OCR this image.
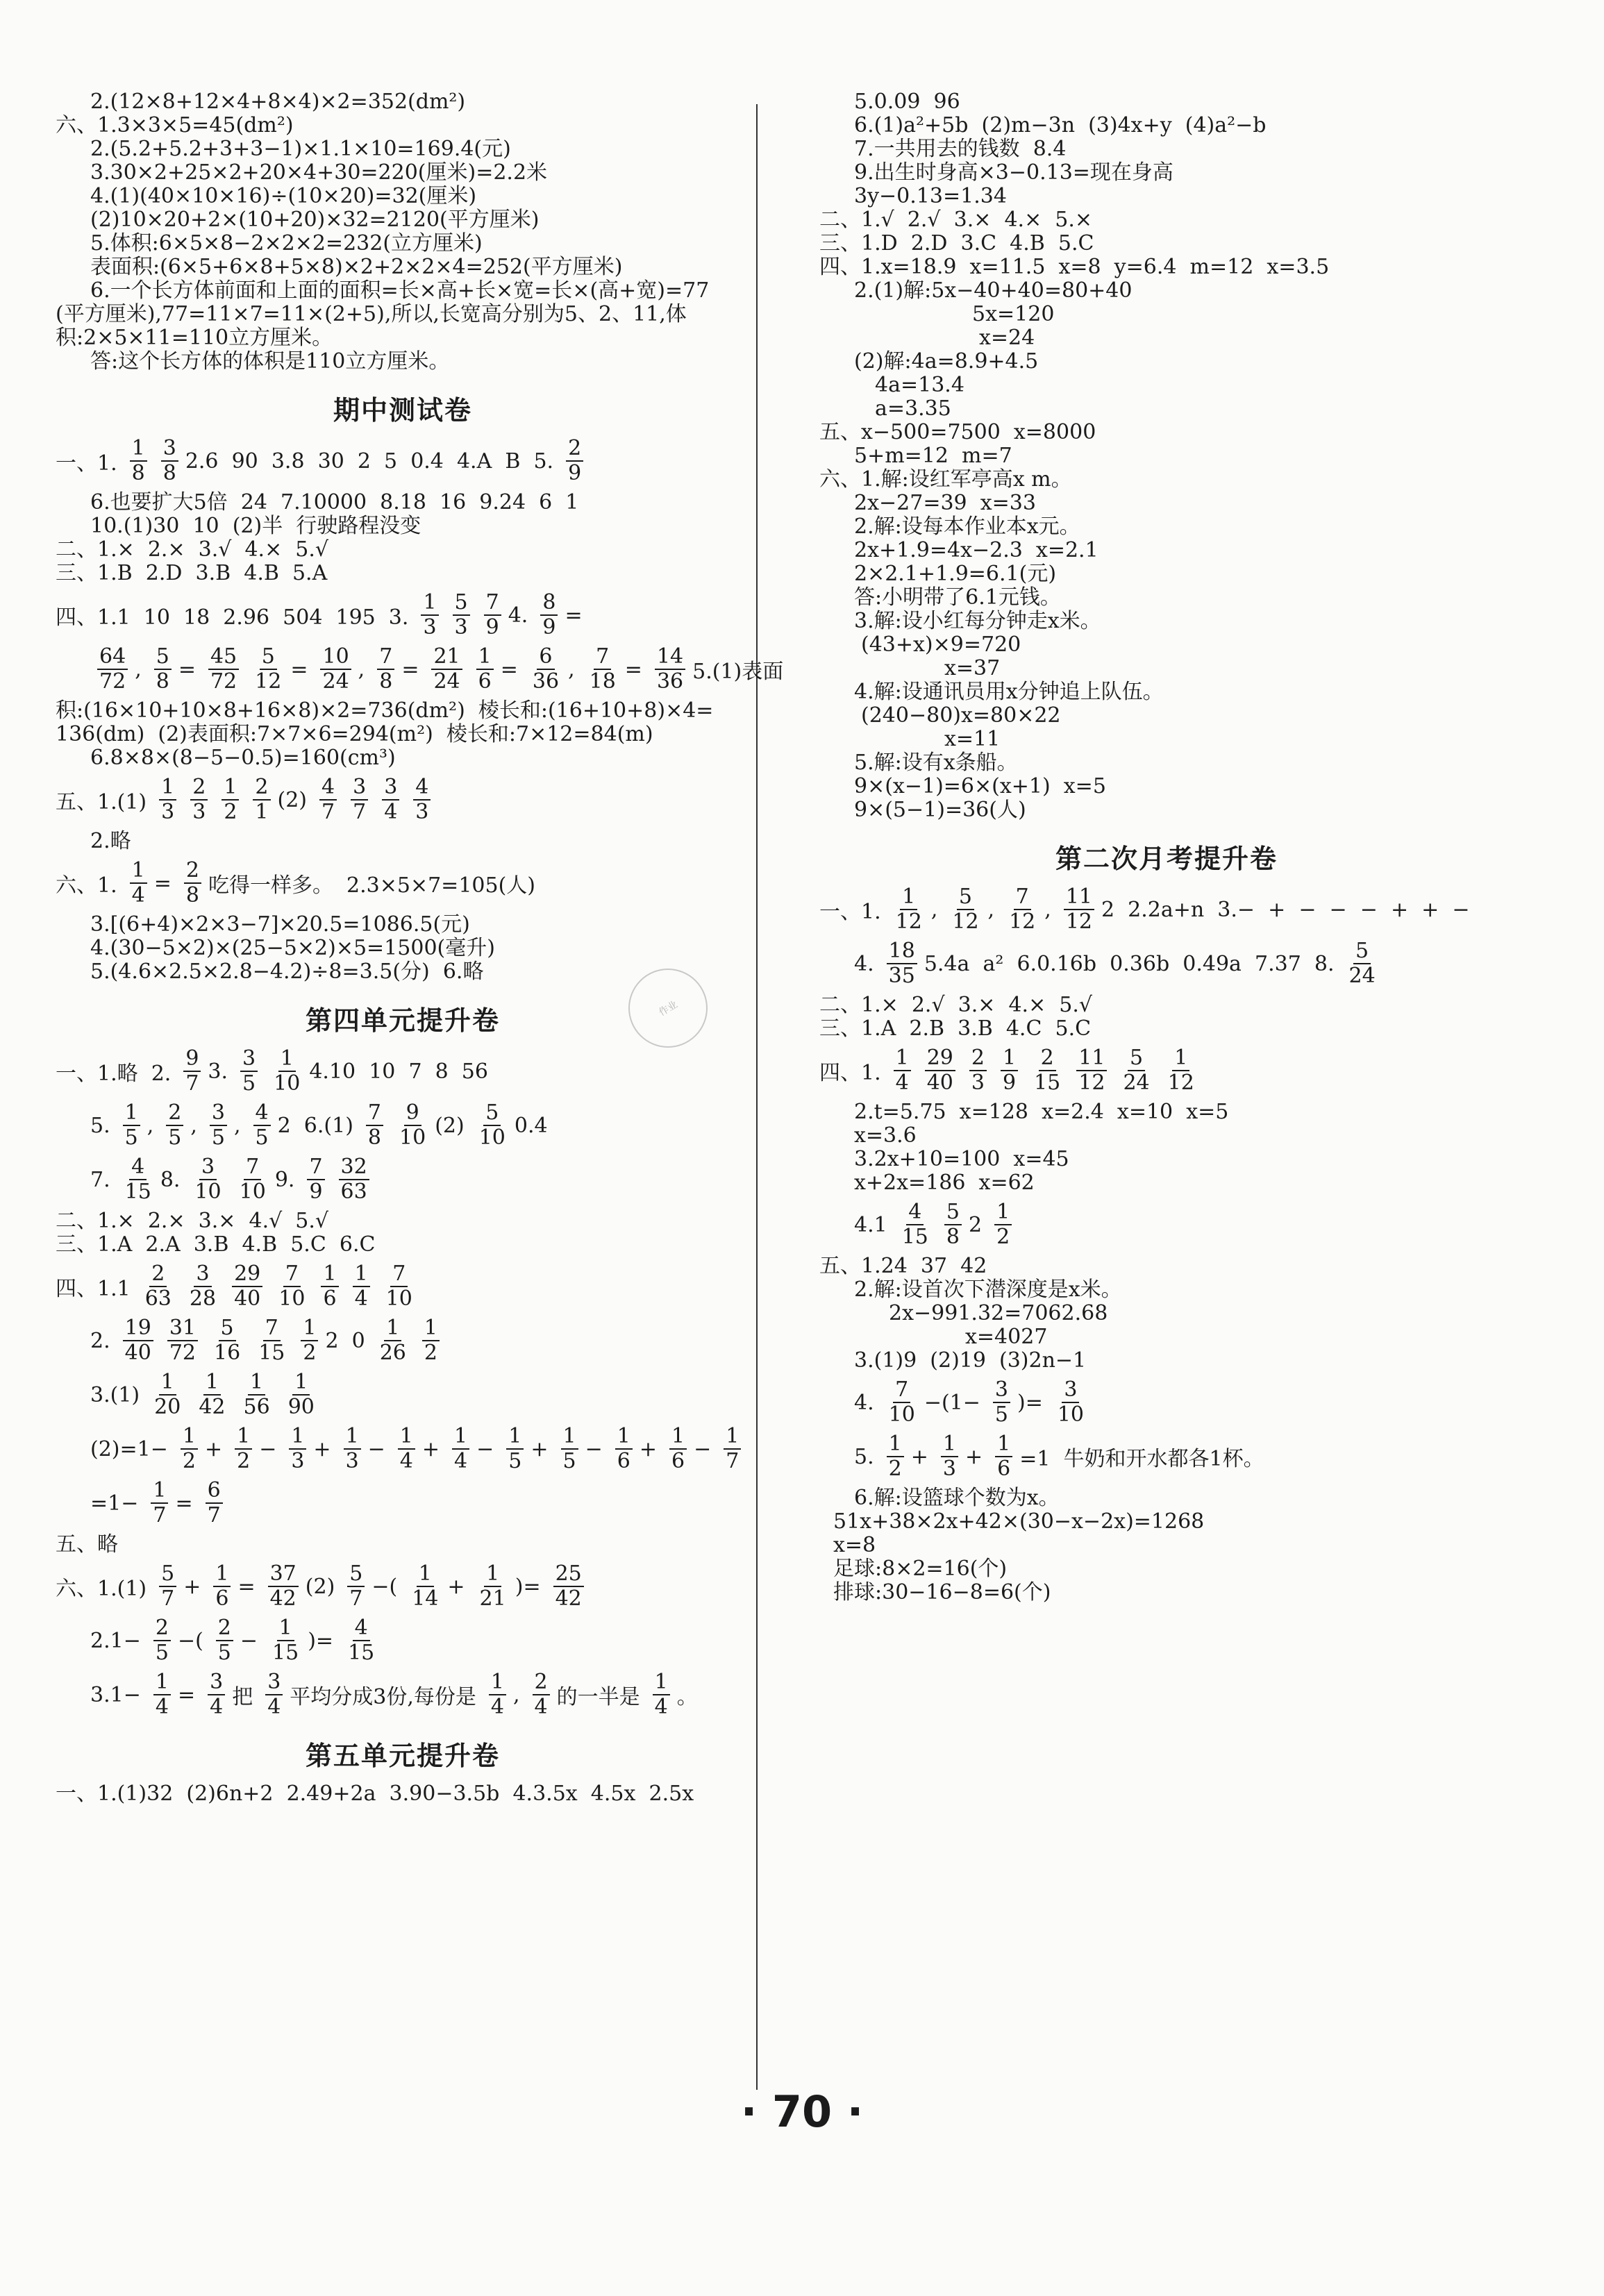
2.(12×8+12×4+8×4)×2=352(dm²)

六、1.3×3×5=45(dm²)

2.(5.2+5.2+3+3−1)×1.1×10=169.4(元)

3.30×2+25×2+20×4+30=220(厘米)=2.2米

4.(1)(40×10×16)÷(10×20)=32(厘米)

(2)10×20+2×(10+20)×32=2120(平方厘米)

5.体积:6×5×8−2×2×2=232(立方厘米)

表面积:(6×5+6×8+5×8)×2+2×2×4=252(平方厘米)

6.一个长方体前面和上面的面积=长×高+长×宽=长×(高+宽)=77

(平方厘米),77=11×7=11×(2+5),所以,长宽高分别为5、2、11,体

积:2×5×11=110立方厘米。

答:这个长方体的体积是110立方厘米。

期中测试卷
一、1. $\frac{1}{8} \frac{3}{8} 2.6$  90  3.8  30  2  5  0.4  4.A  B  5. $\frac{2}{9}$

6.也要扩大5倍  24  7.10000  8.18  16  9.24  6  1

10.(1)30  10  (2)半  行驶路程没变

二、1.×  2.×  3.√  4.×  5.√

三、1.B  2.D  3.B  4.B  5.A

四、1.1  10  18  2.96  504  195  3. $\frac{1}{3} \frac{5}{3} \frac{7}{9} 4$. $\frac{8}{9}$ =
$\frac{64}{72}$ , $\frac{5}{8} = \frac{45}{72} \frac{5}{12} = \frac{10}{24}$ , $\frac{7}{8} = \frac{21}{24} \frac{1}{6} = \frac{6}{36}$ , $\frac{7}{18} = \frac{14}{36} 5.(1)$表面

积:(16×10+10×8+16×8)×2=736(dm²)  棱长和:(16+10+8)×4=

136(dm)  (2)表面积:7×7×6=294(m²)  棱长和:7×12=84(m)

6.8×8×(8−5−0.5)=160(cm³)

五、$1.(1) \frac{1}{3} \frac{2}{3} \frac{1}{2} \frac{2}{1} (2) \frac{4}{7} \frac{3}{7} \frac{3}{4} \frac{4}{3}$

2.略

六、1. $\frac{1}{4} = \frac{2}{8}$ 吃得一样多。  2.3×5×7=105(人)

3.[(6+4)×2×3−7]×20.5=1086.5(元)

4.(30−5×2)×(25−5×2)×5=1500(毫升)

5.(4.6×2.5×2.8−4.2)÷8=3.5(分)  6.略

第四单元提升卷
一、1.略  2. $\frac{9}{7} 3$. $\frac{3}{5} \frac{1}{10} 4.10$  10  7  8  56
5. $\frac{1}{5}$ , $\frac{2}{5}$ , $\frac{3}{5}$ , $\frac{4}{5} 2$  $6.(1) \frac{7}{8} \frac{9}{10} (2) \frac{5}{10} 0.4$
7. $\frac{4}{15} 8$. $\frac{3}{10} \frac{7}{10} 9$. $\frac{7}{9} \frac{32}{63}$

二、1.×  2.×  3.×  4.√  5.√

三、1.A  2.A  3.B  4.B  5.C  6.C

四、$1.1 \frac{2}{63} \frac{3}{28} \frac{29}{40} \frac{7}{10} \frac{1}{6} \frac{1}{4} \frac{7}{10}$
2. $\frac{19}{40} \frac{31}{72} \frac{5}{16} \frac{7}{15} \frac{1}{2} 2$  $0 \frac{1}{26} \frac{1}{2}$
$3.(1) \frac{1}{20} \frac{1}{42} \frac{1}{56} \frac{1}{90}$
$(2)=1- \frac{1}{2} + \frac{1}{2} - \frac{1}{3} + \frac{1}{3} - \frac{1}{4} + \frac{1}{4} - \frac{1}{5} + \frac{1}{5} - \frac{1}{6} + \frac{1}{6} - \frac{1}{7}$
$=1- \frac{1}{7} = \frac{6}{7}$

五、略

六、$1.(1) \frac{5}{7} + \frac{1}{6} = \frac{37}{42} (2) \frac{5}{7}$ −( $\frac{1}{14} + \frac{1}{21}$ )= $\frac{25}{42}$
$2.1- \frac{2}{5}$ −( $\frac{2}{5} - \frac{1}{15}$ )= $\frac{4}{15}$
$3.1- \frac{1}{4} = \frac{3}{4}$ 把 $\frac{3}{4}$ 平均分成3份,每份是 $\frac{1}{4}$ , $\frac{2}{4}$ 的一半是 $\frac{1}{4}$ 。
第五单元提升卷

一、1.(1)32  (2)6n+2  2.49+2a  3.90−3.5b  4.3.5x  4.5x  2.5x

作业

5.0.09  96

6.(1)a²+5b  (2)m−3n  (3)4x+y  (4)a²−b

7.一共用去的钱数  8.4

9.出生时身高×3−0.13=现在身高

3y−0.13=1.34

二、1.√  2.√  3.×  4.×  5.×

三、1.D  2.D  3.C  4.B  5.C

四、1.x=18.9  x=11.5  x=8  y=6.4  m=12  x=3.5

2.(1)解:5x−40+40=80+40

5x=120

x=24

(2)解:4a=8.9+4.5

4a=13.4

a=3.35

五、x−500=7500  x=8000

5+m=12  m=7

六、1.解:设红军亭高x m。

2x−27=39  x=33

2.解:设每本作业本x元。

2x+1.9=4x−2.3  x=2.1

2×2.1+1.9=6.1(元)

答:小明带了6.1元钱。

3.解:设小红每分钟走x米。

(43+x)×9=720

x=37

4.解:设通讯员用x分钟追上队伍。

(240−80)x=80×22

x=11

5.解:设有x条船。

9×(x−1)=6×(x+1)  x=5

9×(5−1)=36(人)

第二次月考提升卷
一、1. $\frac{1}{12}$ , $\frac{5}{12}$ , $\frac{7}{12}$ , $\frac{11}{12} 2$  2.2a+n  3.−  +  −  −  −  +  +  −
4. $\frac{18}{35} 5.4a$  a²  6.0.16b  0.36b  0.49a  7.37  8. $\frac{5}{24}$

二、1.×  2.√  3.×  4.×  5.√

三、1.A  2.B  3.B  4.C  5.C

四、1. $\frac{1}{4} \frac{29}{40} \frac{2}{3} \frac{1}{9} \frac{2}{15} \frac{11}{12} \frac{5}{24} \frac{1}{12}$

2.t=5.75  x=128  x=2.4  x=10  x=5

x=3.6

3.2x+10=100  x=45

x+2x=186  x=62

$4.1 \frac{4}{15} \frac{5}{8} 2 \frac{1}{2}$

五、1.24  37  42

2.解:设首次下潜深度是x米。

2x−991.32=7062.68

x=4027

3.(1)9  (2)19  (3)2n−1

4. $\frac{7}{10} -(1- \frac{3}{5}$ )= $\frac{3}{10}$
5. $\frac{1}{2} + \frac{1}{3} + \frac{1}{6} =1$  牛奶和开水都各1杯。

6.解:设篮球个数为x。

51x+38×2x+42×(30−x−2x)=1268

x=8

足球:8×2=16(个)

排球:30−16−8=6(个)

· 70 ·
